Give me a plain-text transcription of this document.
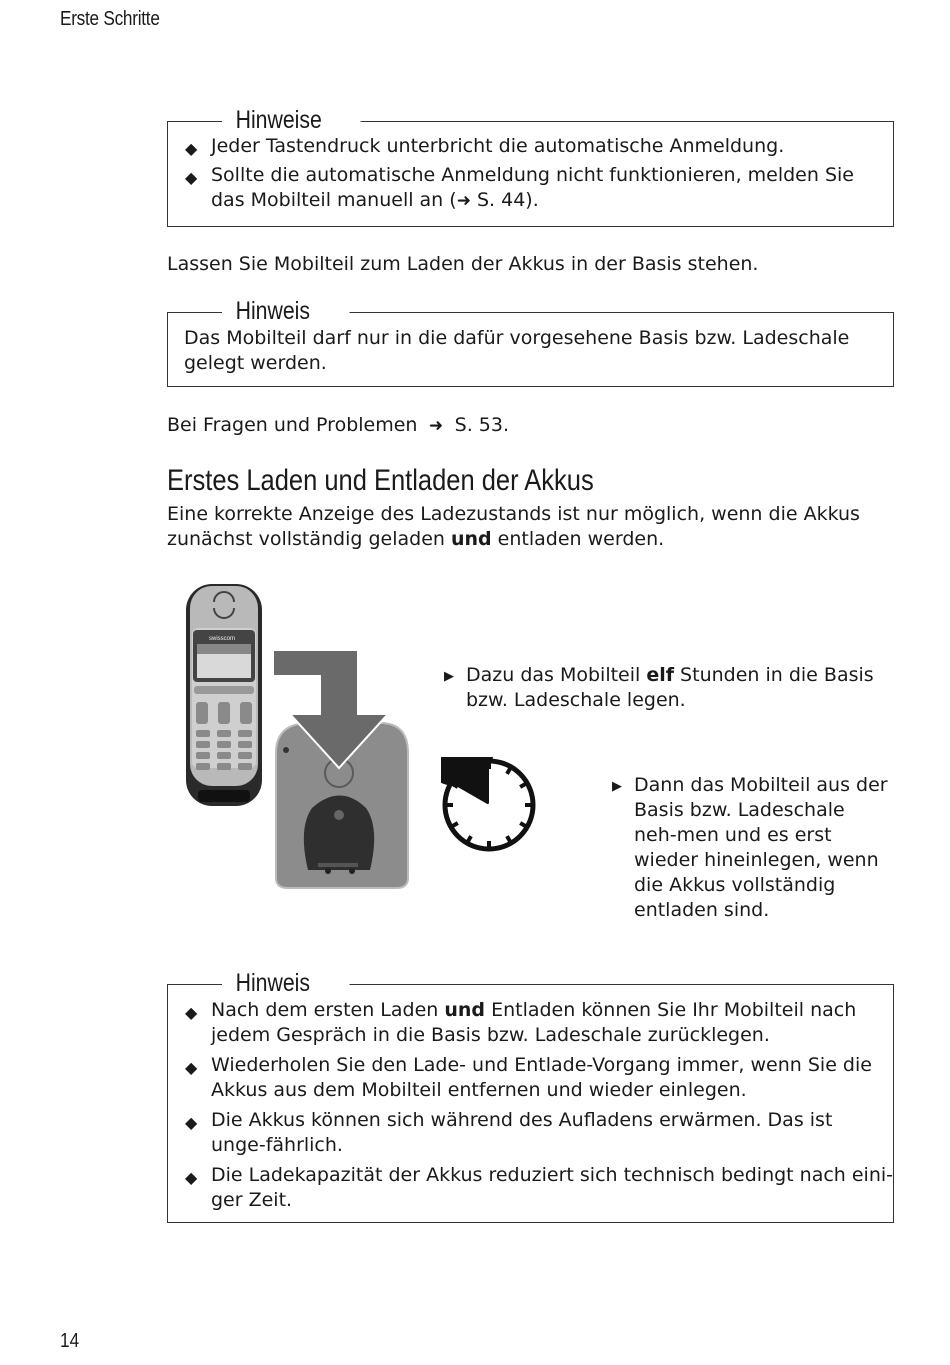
Erste Schritte
Hinweise
◆ Jeder Tastendruck unterbricht die automatische Anmeldung.
◆ Sollte die automatische Anmeldung nicht funktionieren, melden Sie das Mobilteil manuell an (➜ S. 44).
Lassen Sie Mobilteil zum Laden der Akkus in der Basis stehen.
Hinweis

Das Mobilteil darf nur in die dafür vorgesehene Basis bzw. Ladeschale gelegt werden.

Bei Fragen und Problemen  ➜  S. 53.
Erstes Laden und Entladen der Akkus
Eine korrekte Anzeige des Ladezustands ist nur möglich, wenn die Akkus zunächst vollständig geladen und entladen werden.
swisscom
11 h
▶ Dazu das Mobilteil elf Stunden in die Basis bzw. Ladeschale legen.
▶ Dann das Mobilteil aus der Basis bzw. Ladeschale neh-men und es erst wieder hineinlegen, wenn die Akkus vollständig entladen sind.
Hinweis
◆ Nach dem ersten Laden und Entladen können Sie Ihr Mobilteil nach jedem Gespräch in die Basis bzw. Ladeschale zurücklegen.
◆ Wiederholen Sie den Lade- und Entlade-Vorgang immer, wenn Sie die Akkus aus dem Mobilteil entfernen und wieder einlegen.
◆ Die Akkus können sich während des Aufladens erwärmen. Das ist unge-fährlich.
◆ Die Ladekapazität der Akkus reduziert sich technisch bedingt nach eini-ger Zeit.
14
